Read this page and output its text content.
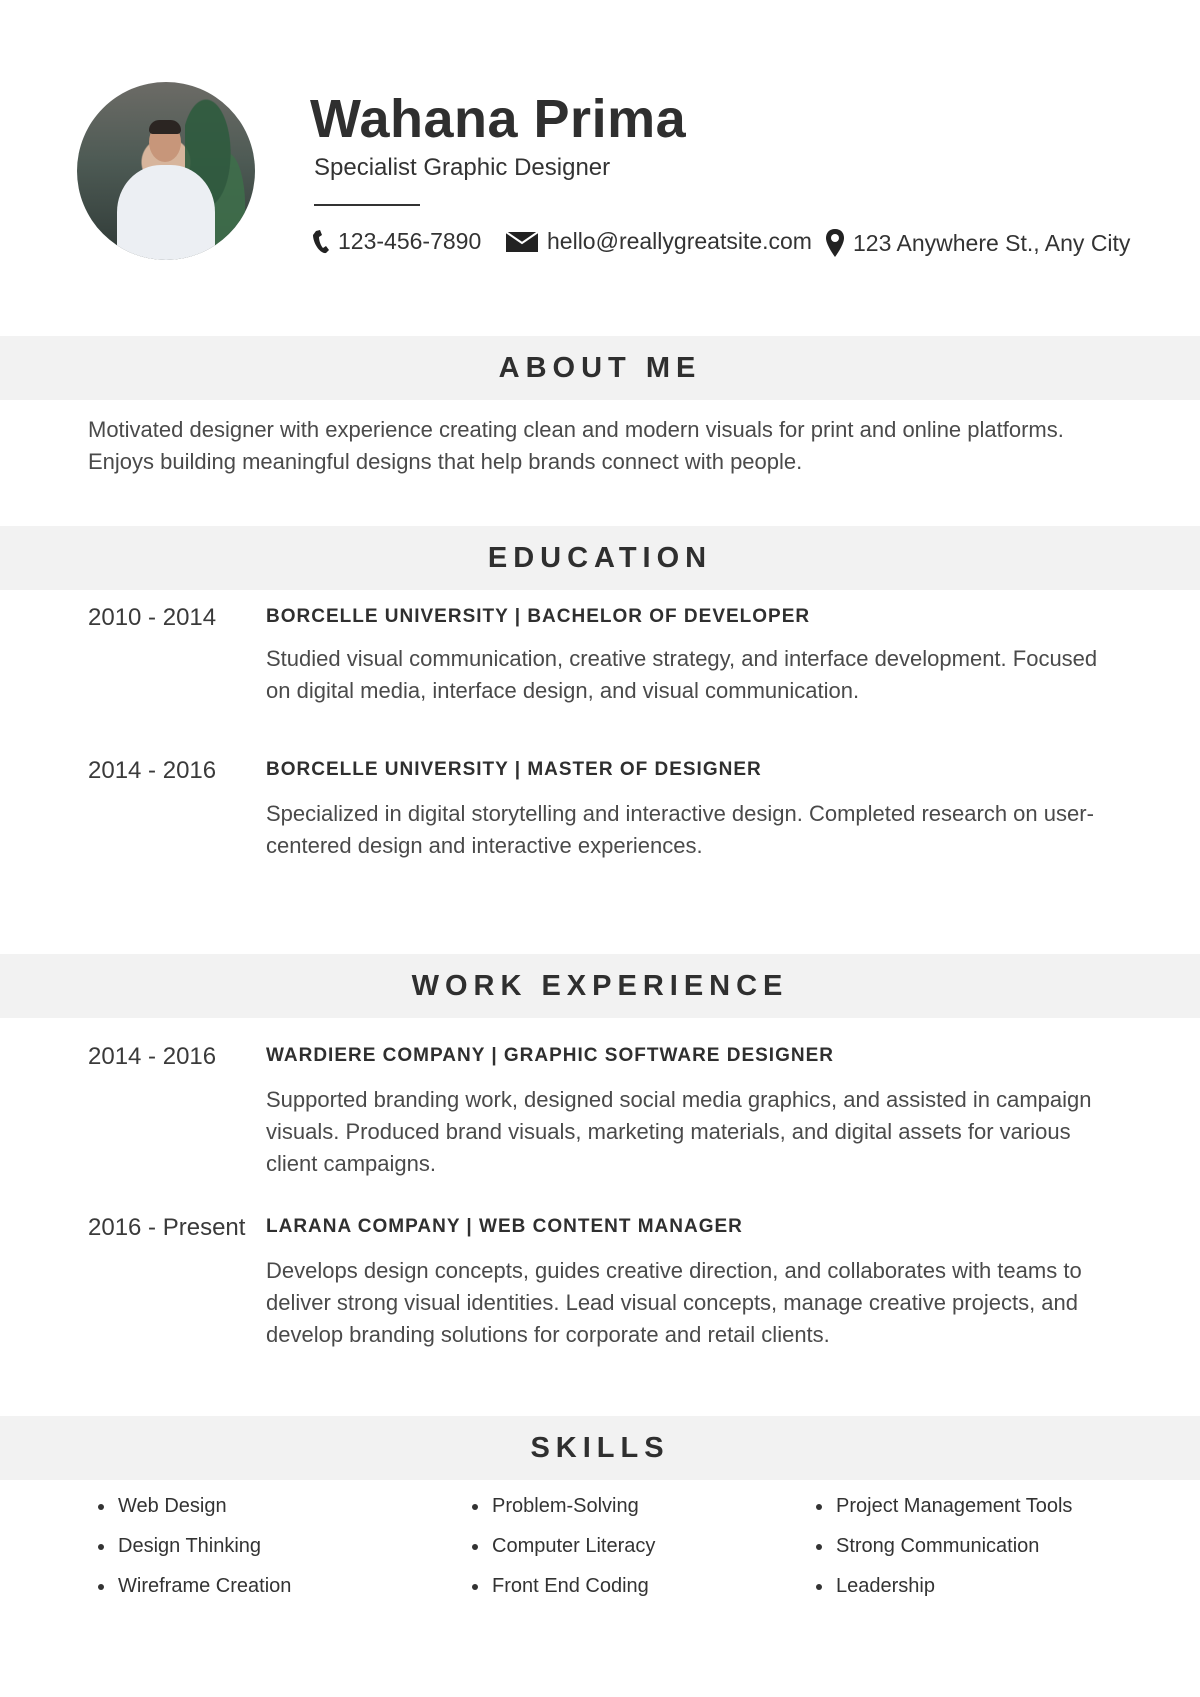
Wahana Prima
Specialist Graphic Designer
123-456-7890	hello@reallygreatsite.com 123 Anywhere St., Any City
ABOUT ME
Motivated designer with experience creating clean and modern visuals for print and online platforms. Enjoys building meaningful designs that help brands connect with people.
EDUCATION
2010 - 2014	BORCELLE UNIVERSITY | BACHELOR OF DEVELOPER
Studied visual communication, creative strategy, and interface development. Focused on digital media, interface design, and visual communication.
2014 - 2016	BORCELLE UNIVERSITY | MASTER OF DESIGNER
Specialized in digital storytelling and interactive design. Completed research on user-centered design and interactive experiences.
WORK EXPERIENCE
2014 - 2016	WARDIERE COMPANY | GRAPHIC SOFTWARE DESIGNER
Supported branding work, designed social media graphics, and assisted in campaign visuals. Produced brand visuals, marketing materials, and digital assets for various client campaigns.
2016 - Present LARANA COMPANY | WEB CONTENT MANAGER
Develops design concepts, guides creative direction, and collaborates with teams to deliver strong visual identities. Lead visual concepts, manage creative projects, and develop branding solutions for corporate and retail clients.
SKILLS
• Web Design
• Design Thinking
• Wireframe Creation
• Problem-Solving
• Computer Literacy
• Front End Coding
• Project Management Tools
• Strong Communication
• Leadership
